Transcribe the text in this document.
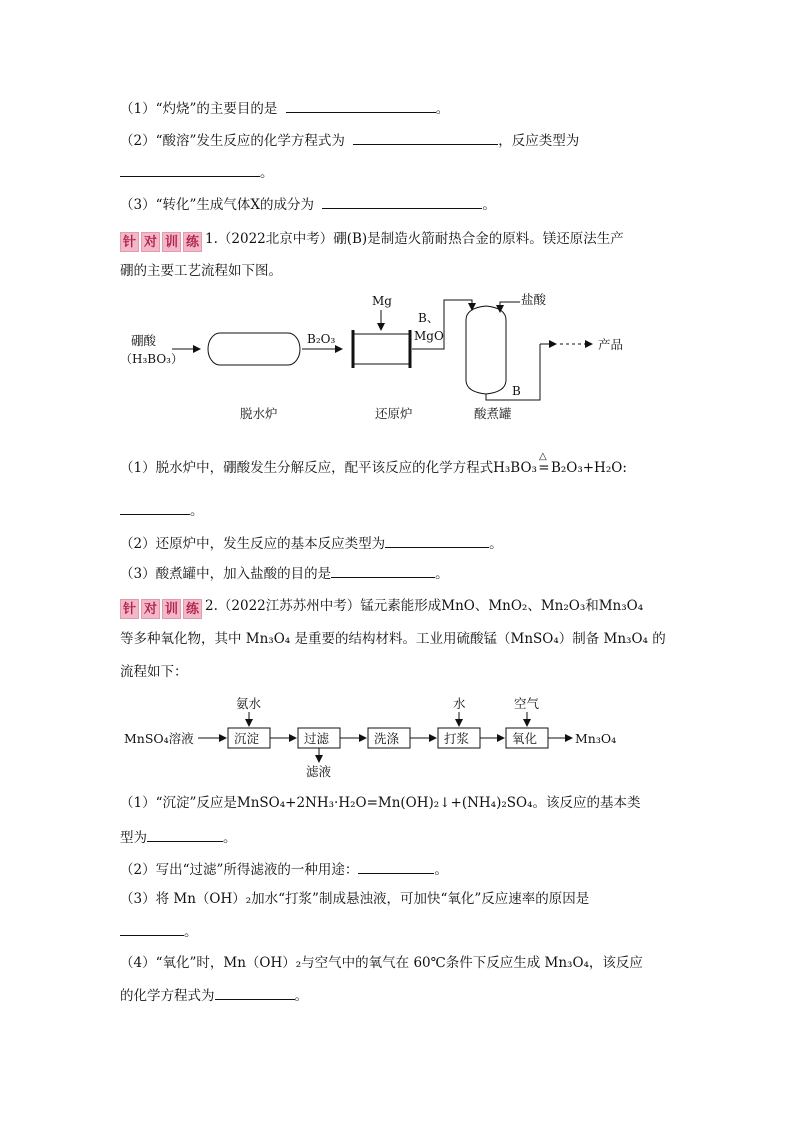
（1）“灼烧”的主要目的是	。
（2）“酸溶”发生反应的化学方程式为	，反应类型为
。
（3）“转化”生成气体X的成分为	。
针 对 训 练 1.（2022北京中考）硼(B)是制造火箭耐热合金的原料。镁还原法生产
硼的主要工艺流程如下图。
硼酸
（H₃BO₃）
B₂O₃
Mg
B、
MgO
盐酸
B
产品
脱水炉	还原炉	酸煮罐
（1）脱水炉中，硼酸发生分解反应，配平该反应的化学方程式H₃BO₃
△
=B₂O₃+H₂O:
。
（2）还原炉中，发生反应的基本反应类型为	。
（3）酸煮罐中，加入盐酸的目的是	。
针 对 训 练 2.（2022江苏苏州中考）锰元素能形成MnO、MnO₂、Mn₂O₃和Mn₃O₄
等多种氧化物，其中 Mn₃O₄ 是重要的结构材料。工业用硫酸锰（MnSO₄）制备 Mn₃O₄ 的
流程如下：
MnSO₄溶液	沉淀	过滤	洗涤	打浆	氧化	Mn₃O₄
氨水	水	空气
滤液
（1）“沉淀”反应是MnSO₄+2NH₃·H₂O=Mn(OH)₂↓+(NH₄)₂SO₄。该反应的基本类
型为	。
（2）写出“过滤”所得滤液的一种用途：	。
（3）将 Mn（OH）₂加水“打浆”制成悬浊液，可加快“氧化”反应速率的原因是
。
（4）“氧化”时，Mn（OH）₂与空气中的氧气在 60℃条件下反应生成 Mn₃O₄，该反应
的化学方程式为	。
